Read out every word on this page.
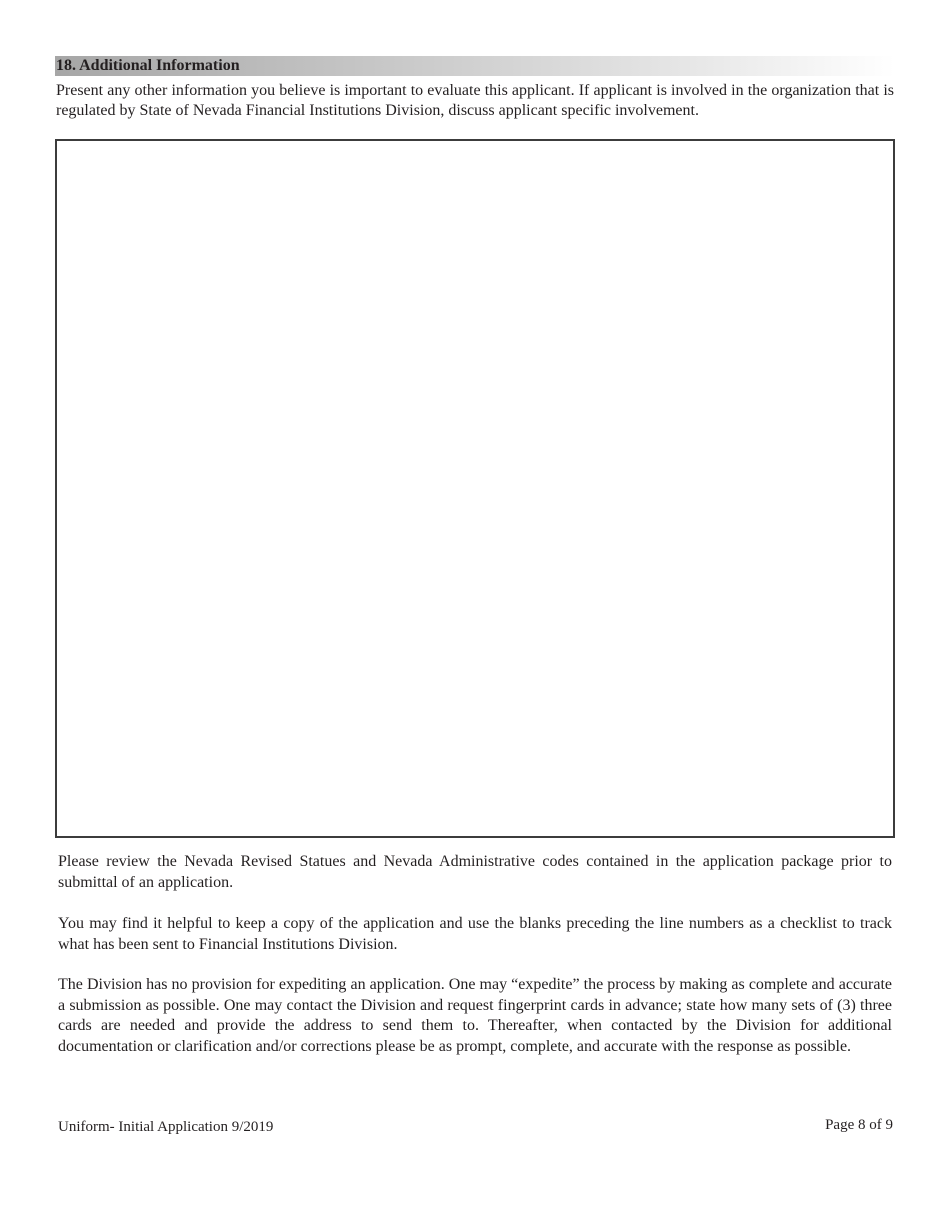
18. Additional Information

Present any other information you believe is important to evaluate this applicant. If applicant is involved in the organization that is regulated by State of Nevada Financial Institutions Division, discuss applicant specific involvement.

Please review the Nevada Revised Statues and Nevada Administrative codes contained in the application package prior to submittal of an application.

You may find it helpful to keep a copy of the application and use the blanks preceding the line numbers as a checklist to track what has been sent to Financial Institutions Division.

The Division has no provision for expediting an application. One may “expedite” the process by making as complete and accurate a submission as possible. One may contact the Division and request fingerprint cards in advance; state how many sets of (3) three cards are needed and provide the address to send them to. Thereafter, when contacted by the Division for additional documentation or clarification and/or corrections please be as prompt, complete, and accurate with the response as possible.

Uniform- Initial Application 9/2019	Page 8 of 9
